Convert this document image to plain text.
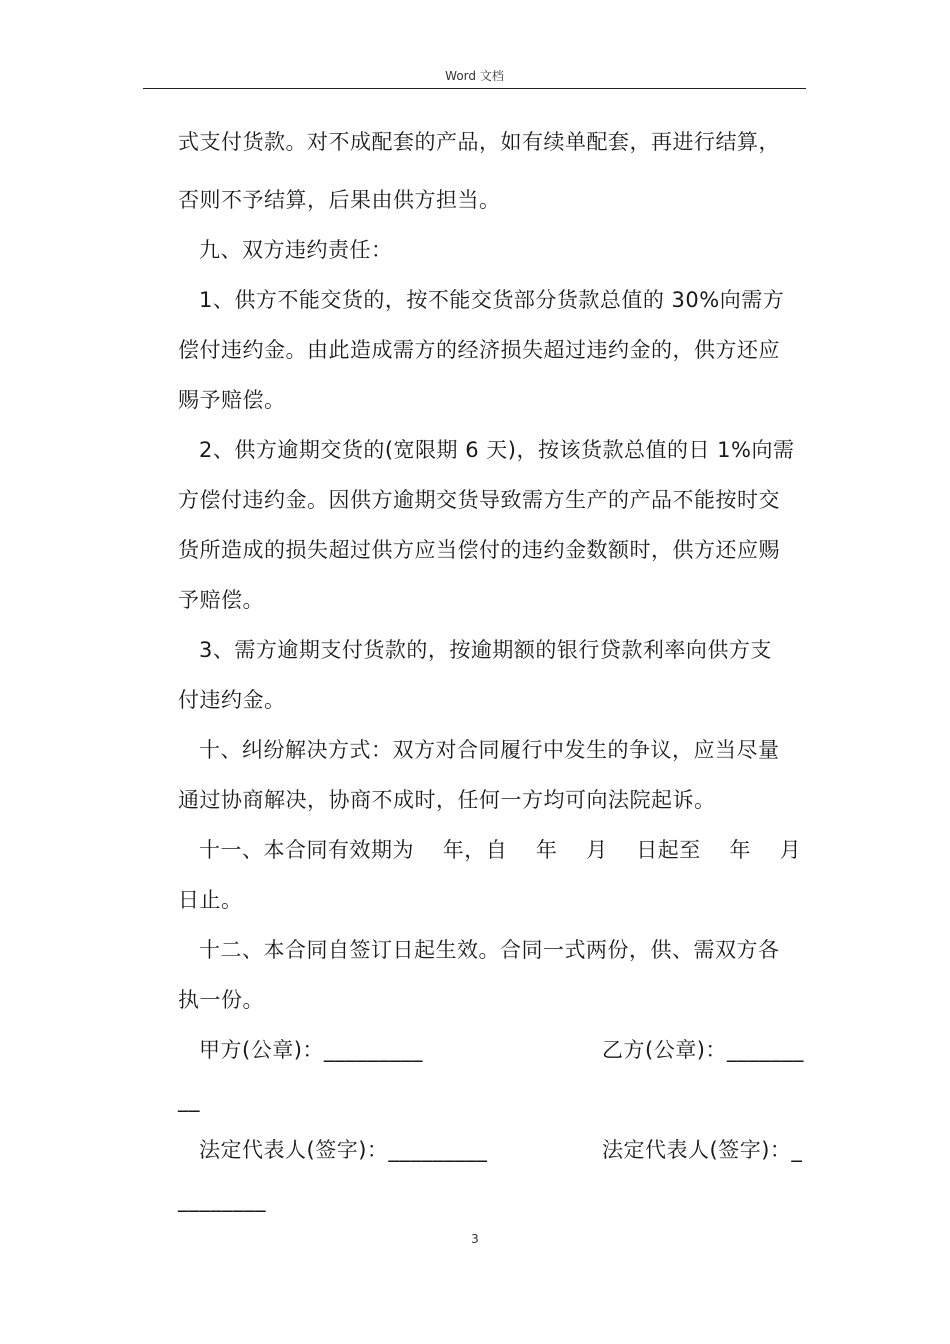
Word 文档
式支付货款。对不成配套的产品，如有续单配套，再进行结算，
否则不予结算，后果由供方担当。
九、双方违约责任：
1、供方不能交货的，按不能交货部分货款总值的 30%向需方
偿付违约金。由此造成需方的经济损失超过违约金的，供方还应
赐予赔偿。
2、供方逾期交货的(宽限期 6 天)，按该货款总值的日 1%向需
方偿付违约金。因供方逾期交货导致需方生产的产品不能按时交
货所造成的损失超过供方应当偿付的违约金数额时，供方还应赐
予赔偿。
3、需方逾期支付货款的，按逾期额的银行贷款利率向供方支
付违约金。
十、纠纷解决方式：双方对合同履行中发生的争议，应当尽量
通过协商解决，协商不成时，任何一方均可向法院起诉。
十一、本合同有效期为    年，自    年    月    日起至    年    月
日止。
十二、本合同自签订日起生效。合同一式两份，供、需双方各
执一份。
甲方(公章)：_________	乙方(公章)：_______
__
法定代表人(签字)：_________	法定代表人(签字)：_
________
3
